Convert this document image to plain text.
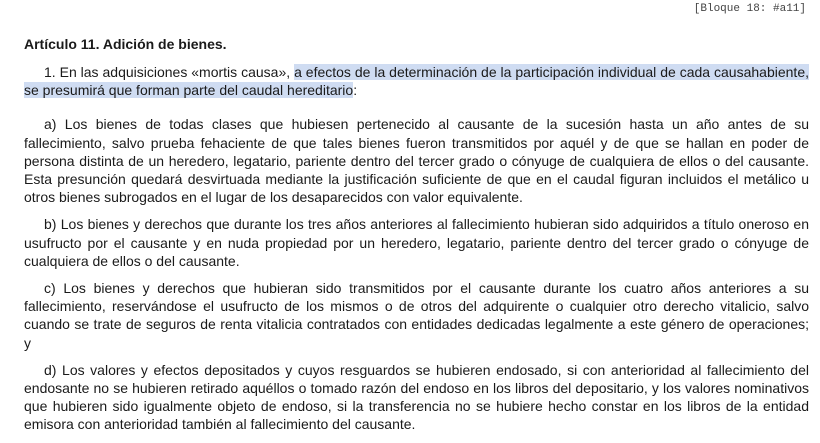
[Bloque 18: #a11]
Artículo 11. Adición de bienes.

1. En las adquisiciones «mortis causa», a efectos de la determinación de la participación individual de cada causahabiente, se presumirá que forman parte del caudal hereditario:

a) Los bienes de todas clases que hubiesen pertenecido al causante de la sucesión hasta un año antes de su fallecimiento, salvo prueba fehaciente de que tales bienes fueron transmitidos por aquél y de que se hallan en poder de persona distinta de un heredero, legatario, pariente dentro del tercer grado o cónyuge de cualquiera de ellos o del causante. Esta presunción quedará desvirtuada mediante la justificación suficiente de que en el caudal figuran incluidos el metálico u otros bienes subrogados en el lugar de los desaparecidos con valor equivalente.

b) Los bienes y derechos que durante los tres años anteriores al fallecimiento hubieran sido adquiridos a título oneroso en usufructo por el causante y en nuda propiedad por un heredero, legatario, pariente dentro del tercer grado o cónyuge de cualquiera de ellos o del causante.

c) Los bienes y derechos que hubieran sido transmitidos por el causante durante los cuatro años anteriores a su fallecimiento, reservándose el usufructo de los mismos o de otros del adquirente o cualquier otro derecho vitalicio, salvo cuando se trate de seguros de renta vitalicia contratados con entidades dedicadas legalmente a este género de operaciones; y

d) Los valores y efectos depositados y cuyos resguardos se hubieren endosado, si con anterioridad al fallecimiento del endosante no se hubieren retirado aquéllos o tomado razón del endoso en los libros del depositario, y los valores nominativos que hubieren sido igualmente objeto de endoso, si la transferencia no se hubiere hecho constar en los libros de la entidad emisora con anterioridad también al fallecimiento del causante.
